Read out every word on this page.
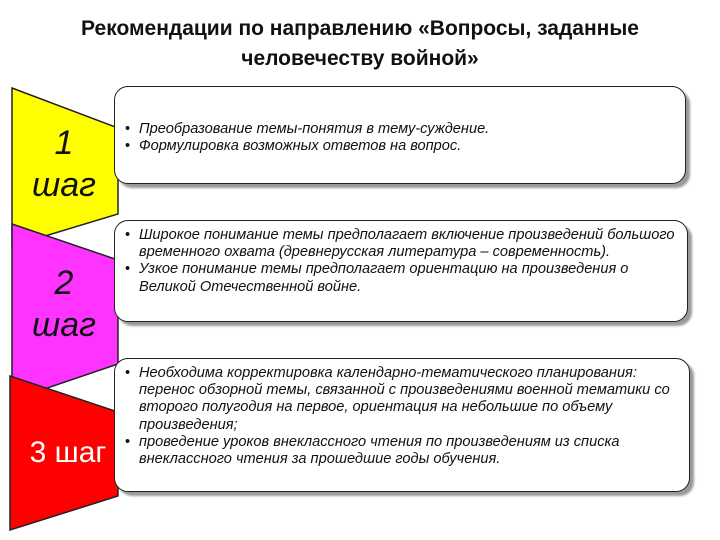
Рекомендации по направлению «Вопросы, заданные
человечеству войной»
1
шаг
2
шаг
3 шаг
• Преобразование темы-понятия в тему-суждение.
• Формулировка возможных ответов на вопрос.
• Широкое понимание темы предполагает включение произведений большого временного охвата (древнерусская литература – современность).
• Узкое понимание темы предполагает ориентацию на произведения о Великой Отечественной войне.
• Необходима корректировка календарно-тематического планирования: перенос обзорной темы, связанной с произведениями военной тематики со второго полугодия на первое, ориентация на небольшие по объему произведения;
• проведение уроков внеклассного чтения по произведениям из списка внеклассного чтения за прошедшие годы обучения.
